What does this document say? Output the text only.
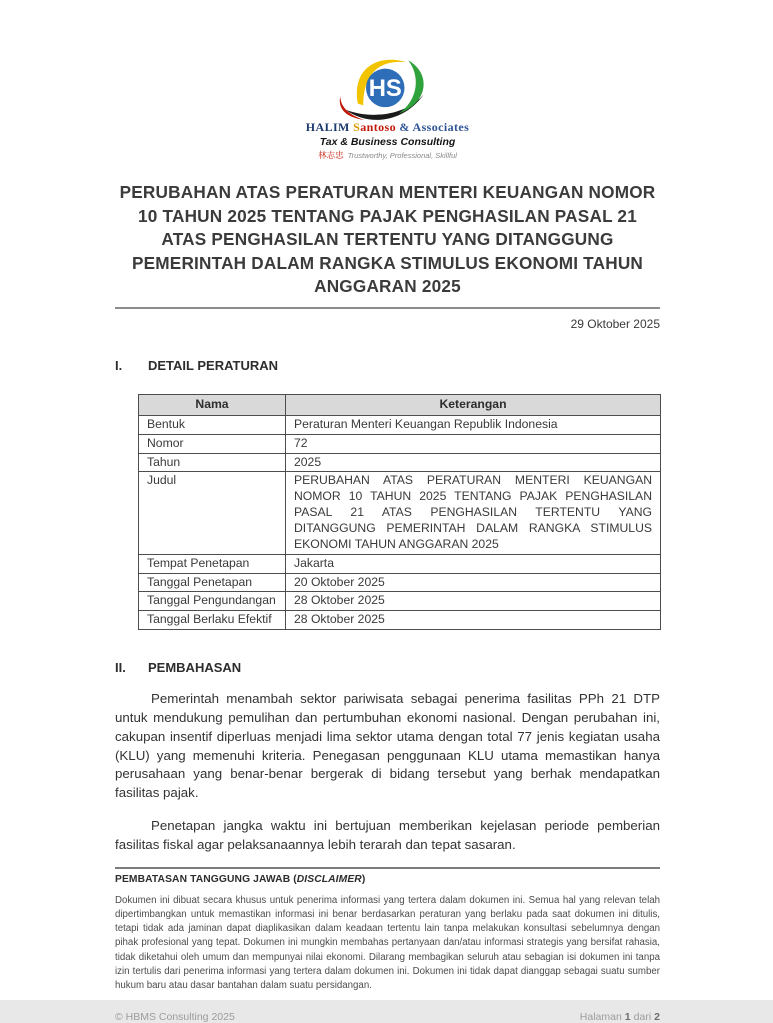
HS
HALIM Santoso & Associates
Tax & Business Consulting
林志忠 Trustworthy, Professional, Skillful
PERUBAHAN ATAS PERATURAN MENTERI KEUANGAN NOMOR 10 TAHUN 2025 TENTANG PAJAK PENGHASILAN PASAL 21 ATAS PENGHASILAN TERTENTU YANG DITANGGUNG PEMERINTAH DALAM RANGKA STIMULUS EKONOMI TAHUN ANGGARAN 2025
29 Oktober 2025
I.	DETAIL PERATURAN
Nama	Keterangan
Bentuk	Peraturan Menteri Keuangan Republik Indonesia
Nomor	72
Tahun	2025
Judul	PERUBAHAN ATAS PERATURAN MENTERI KEUANGAN NOMOR 10 TAHUN 2025 TENTANG PAJAK PENGHASILAN PASAL 21 ATAS PENGHASILAN TERTENTU YANG DITANGGUNG PEMERINTAH DALAM RANGKA STIMULUS EKONOMI TAHUN ANGGARAN 2025
Tempat Penetapan	Jakarta
Tanggal Penetapan	20 Oktober 2025
Tanggal Pengundangan	28 Oktober 2025
Tanggal Berlaku Efektif	28 Oktober 2025
II.	PEMBAHASAN

Pemerintah menambah sektor pariwisata sebagai penerima fasilitas PPh 21 DTP untuk mendukung pemulihan dan pertumbuhan ekonomi nasional. Dengan perubahan ini, cakupan insentif diperluas menjadi lima sektor utama dengan total 77 jenis kegiatan usaha (KLU) yang memenuhi kriteria. Penegasan penggunaan KLU utama memastikan hanya perusahaan yang benar-benar bergerak di bidang tersebut yang berhak mendapatkan fasilitas pajak.

Penetapan jangka waktu ini bertujuan memberikan kejelasan periode pemberian fasilitas fiskal agar pelaksanaannya lebih terarah dan tepat sasaran.

PEMBATASAN TANGGUNG JAWAB (DISCLAIMER)
Dokumen ini dibuat secara khusus untuk penerima informasi yang tertera dalam dokumen ini. Semua hal yang relevan telah dipertimbangkan untuk memastikan informasi ini benar berdasarkan peraturan yang berlaku pada saat dokumen ini ditulis, tetapi tidak ada jaminan dapat diaplikasikan dalam keadaan tertentu lain tanpa melakukan konsultasi sebelumnya dengan pihak profesional yang tepat. Dokumen ini mungkin membahas pertanyaan dan/atau informasi strategis yang bersifat rahasia, tidak diketahui oleh umum dan mempunyai nilai ekonomi. Dilarang membagikan seluruh atau sebagian isi dokumen ini tanpa izin tertulis dari penerima informasi yang tertera dalam dokumen ini. Dokumen ini tidak dapat dianggap sebagai suatu sumber hukum baru atau dasar bantahan dalam suatu persidangan.
© HBMS Consulting 2025	Halaman 1 dari 2
